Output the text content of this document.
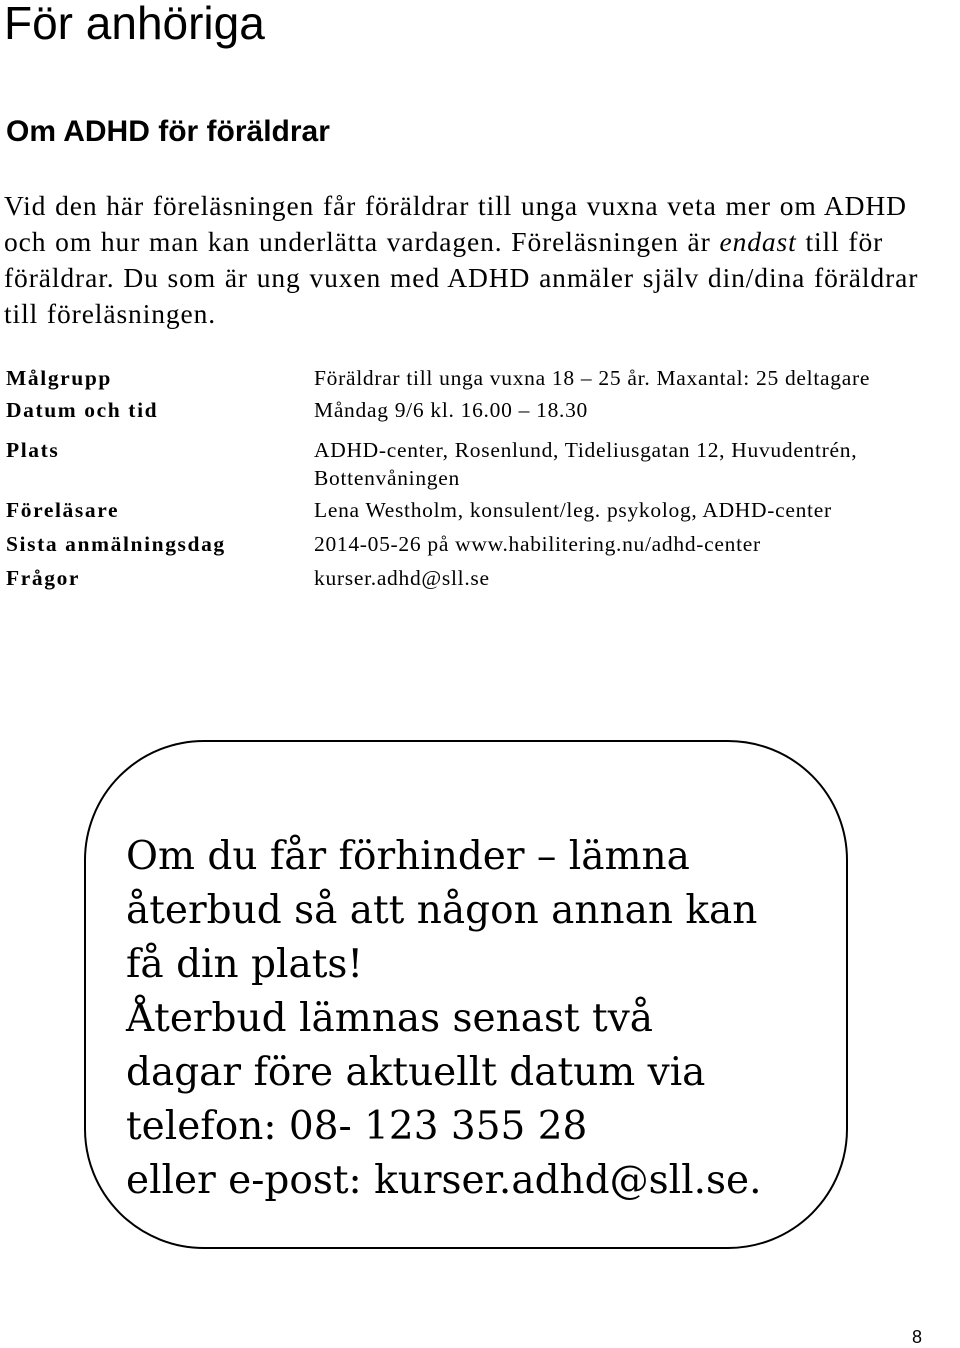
För anhöriga
Om ADHD för föräldrar

Vid den här föreläsningen får föräldrar till unga vuxna veta mer om ADHD och om hur man kan underlätta vardagen. Föreläsningen är endast till för föräldrar. Du som är ung vuxen med ADHD anmäler själv din/dina föräldrar till föreläsningen.

Målgrupp	Föräldrar till unga vuxna 18 – 25 år. Maxantal: 25 deltagare
Datum och tid	Måndag 9/6 kl. 16.00 – 18.30
Plats	ADHD-center, Rosenlund, Tideliusgatan 12, Huvudentrén, Bottenvåningen
Föreläsare	Lena Westholm, konsulent/leg. psykolog, ADHD-center
Sista anmälningsdag	2014-05-26 på www.habilitering.nu/adhd-center
Frågor	kurser.adhd@sll.se

Om du får förhinder – lämna
återbud så att någon annan kan
få din plats!
Återbud lämnas senast två
dagar före aktuellt datum via
telefon: 08- 123 355 28
eller e-post: kurser.adhd@sll.se.

8
